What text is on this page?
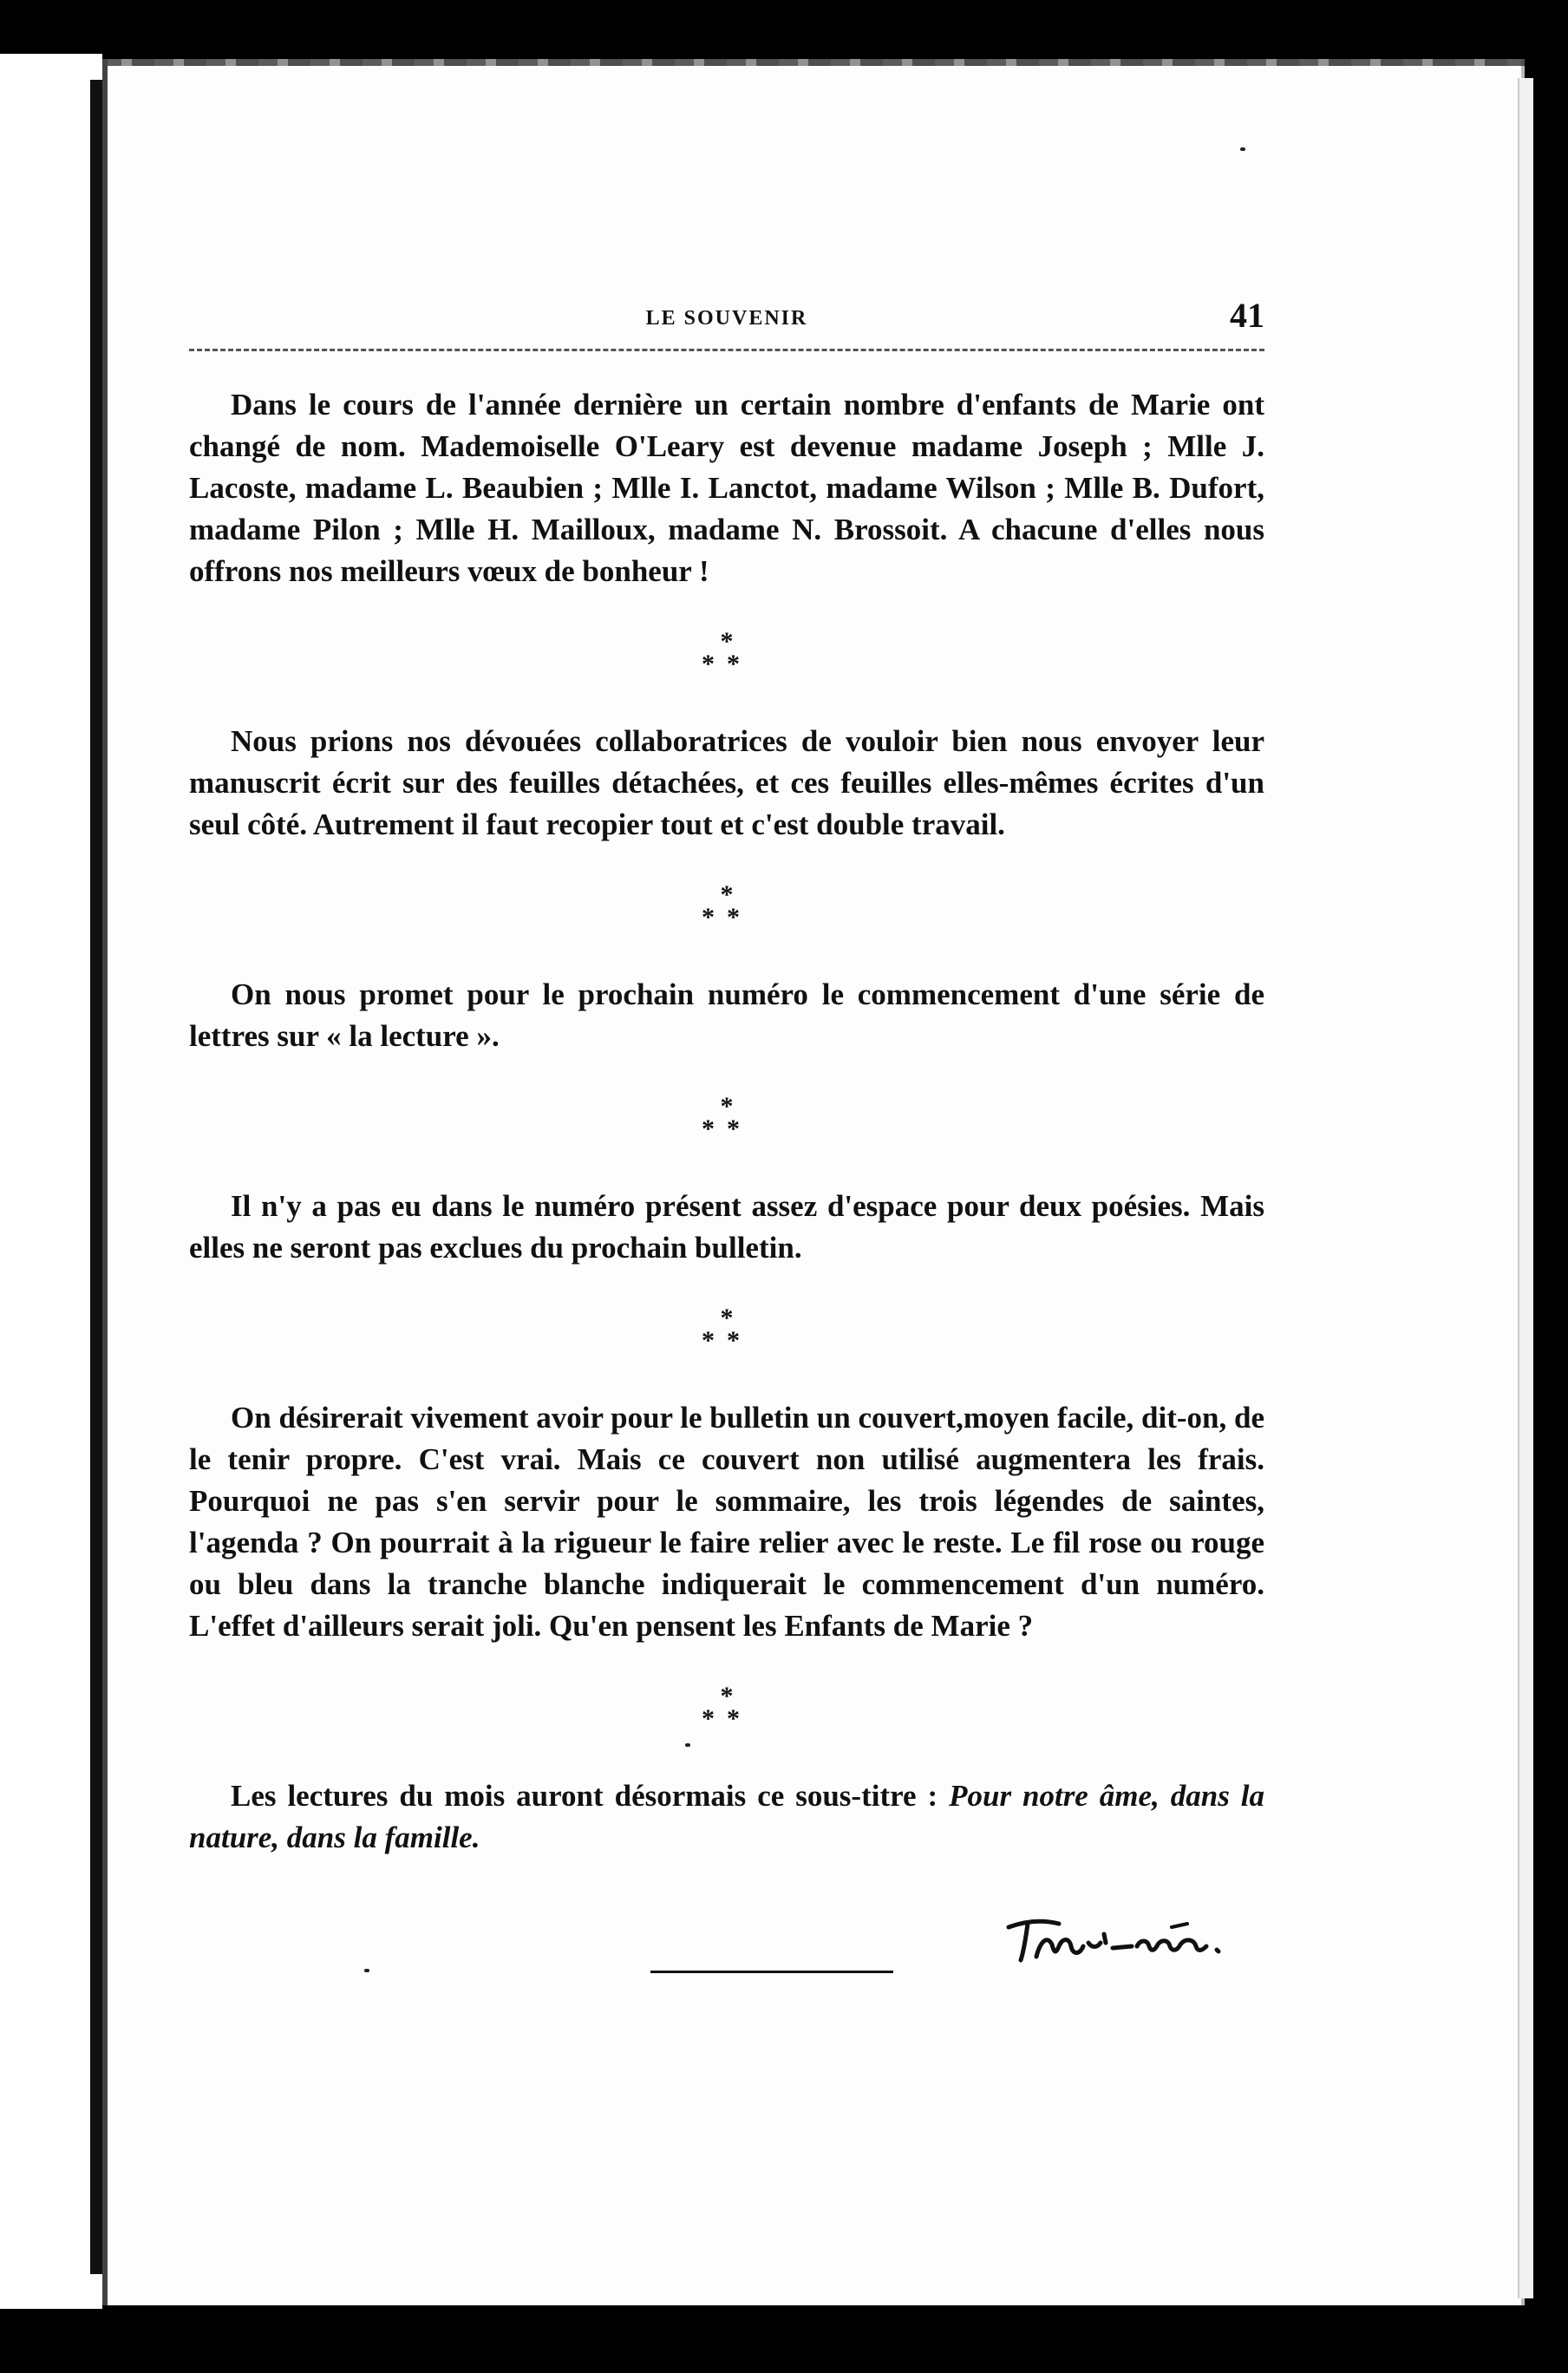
LE SOUVENIR	41

Dans le cours de l'année dernière un certain nombre d'enfants de Marie ont changé de nom. Mademoiselle O'Leary est devenue madame Joseph ; Mlle J. Lacoste, madame L. Beaubien ; Mlle I. Lanctot, madame Wilson ; Mlle B. Dufort, madame Pilon ; Mlle H. Mailloux, madame N. Brossoit. A chacune d'elles nous offrons nos meilleurs vœux de bonheur !

*
**

Nous prions nos dévouées collaboratrices de vouloir bien nous envoyer leur manuscrit écrit sur des feuilles détachées, et ces feuilles elles-mêmes écrites d'un seul côté. Autrement il faut recopier tout et c'est double travail.

*
**

On nous promet pour le prochain numéro le commencement d'une série de lettres sur « la lecture ».

*
**

Il n'y a pas eu dans le numéro présent assez d'espace pour deux poésies. Mais elles ne seront pas exclues du prochain bulletin.

*
**

On désirerait vivement avoir pour le bulletin un couvert,moyen facile, dit-on, de le tenir propre. C'est vrai. Mais ce couvert non utilisé augmentera les frais. Pourquoi ne pas s'en servir pour le sommaire, les trois légendes de saintes, l'agenda ? On pourrait à la rigueur le faire relier avec le reste. Le fil rose ou rouge ou bleu dans la tranche blanche indiquerait le commencement d'un numéro. L'effet d'ailleurs serait joli. Qu'en pensent les Enfants de Marie ?

*
**

Les lectures du mois auront désormais ce sous-titre : Pour notre âme, dans la nature, dans la famille.
